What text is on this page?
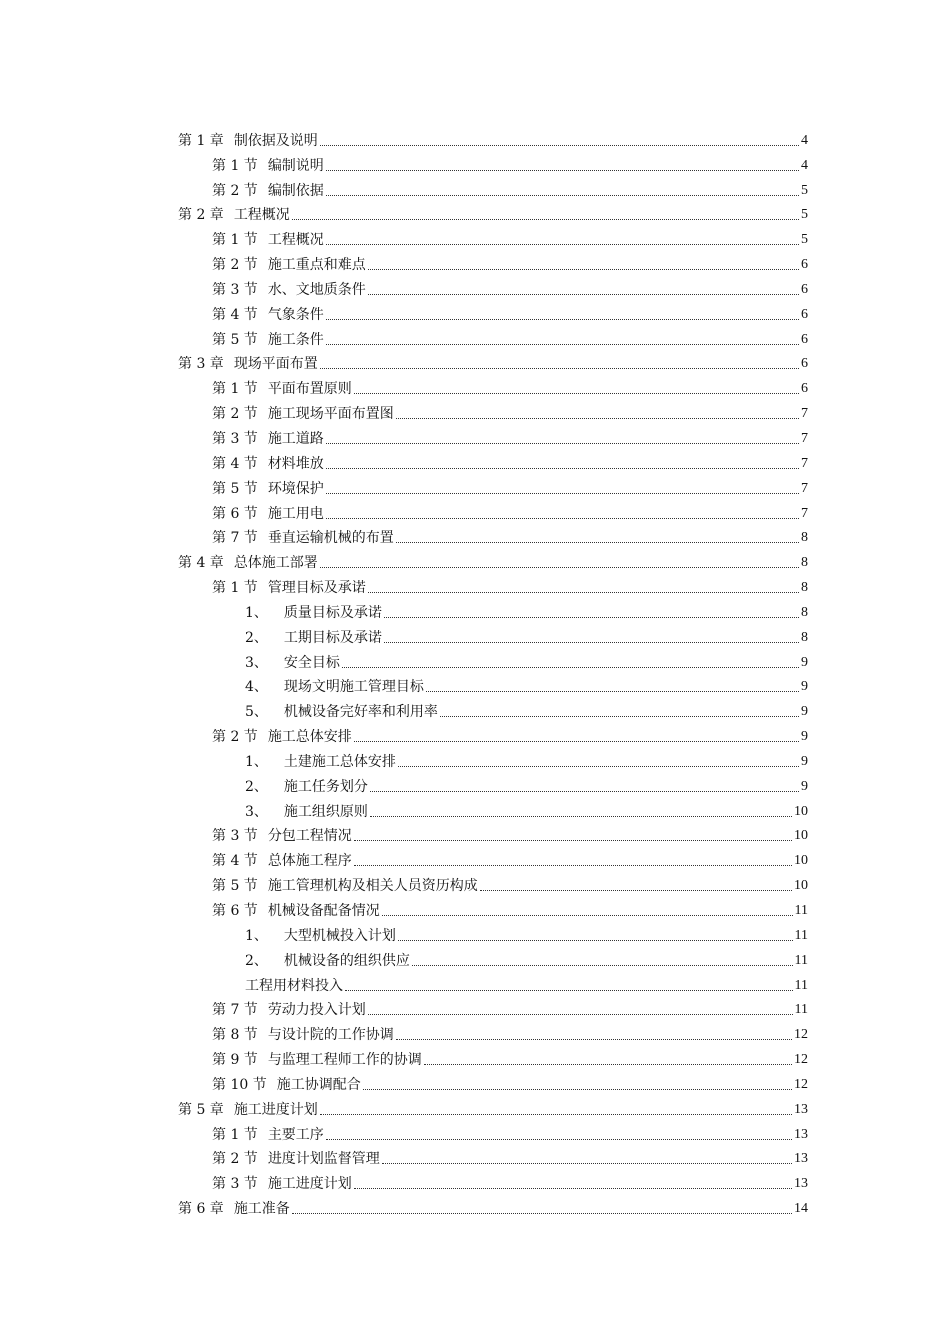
第 1 章 制依据及说明	4
第 1 节 编制说明	4
第 2 节 编制依据	5
第 2 章 工程概况	5
第 1 节 工程概况	5
第 2 节 施工重点和难点	6
第 3 节 水、文地质条件	6
第 4 节 气象条件	6
第 5 节 施工条件	6
第 3 章 现场平面布置	6
第 1 节 平面布置原则	6
第 2 节 施工现场平面布置图	7
第 3 节 施工道路	7
第 4 节 材料堆放	7
第 5 节 环境保护	7
第 6 节 施工用电	7
第 7 节 垂直运输机械的布置	8
第 4 章 总体施工部署	8
第 1 节 管理目标及承诺	8
1、 质量目标及承诺	8
2、 工期目标及承诺	8
3、 安全目标	9
4、 现场文明施工管理目标	9
5、 机械设备完好率和利用率	9
第 2 节 施工总体安排	9
1、 土建施工总体安排	9
2、 施工任务划分	9
3、 施工组织原则	10
第 3 节 分包工程情况	10
第 4 节 总体施工程序	10
第 5 节 施工管理机构及相关人员资历构成	10
第 6 节 机械设备配备情况	11
1、 大型机械投入计划	11
2、 机械设备的组织供应	11
工程用材料投入	11
第 7 节 劳动力投入计划	11
第 8 节 与设计院的工作协调	12
第 9 节 与监理工程师工作的协调	12
第 10 节 施工协调配合	12
第 5 章 施工进度计划	13
第 1 节 主要工序	13
第 2 节 进度计划监督管理	13
第 3 节 施工进度计划	13
第 6 章 施工准备	14
